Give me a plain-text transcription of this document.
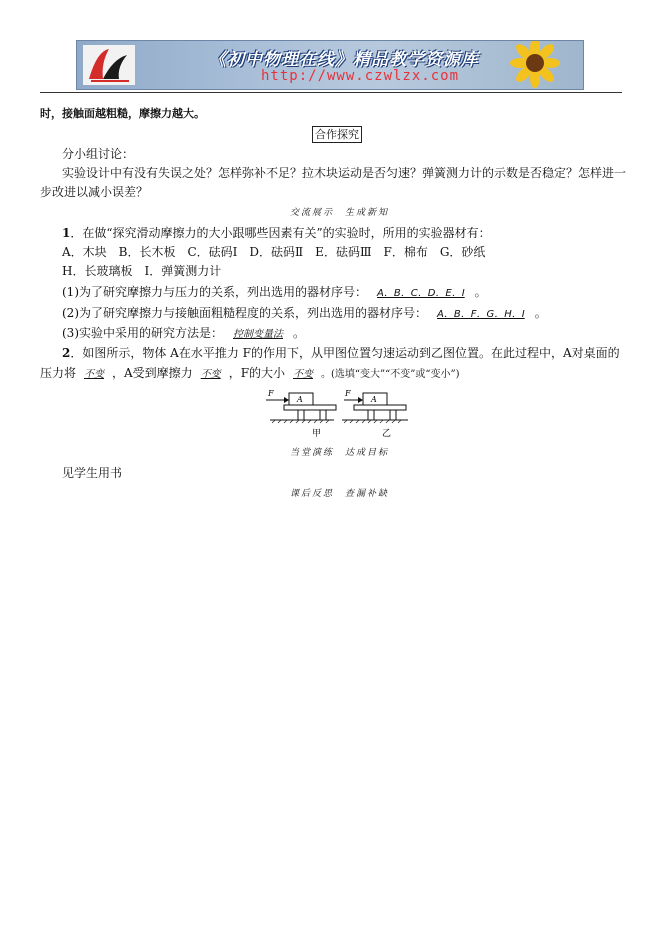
《初中物理在线》精品教学资源库
http://www.czwlzx.com
时，接触面越粗糙，摩擦力越大。
合作探究
分小组讨论：
实验设计中有没有失误之处？怎样弥补不足？拉木块运动是否匀速？弹簧测力计的示数是否稳定？怎样进一
步改进以减小误差？
交流展示　生成新知
1．在做“探究滑动摩擦力的大小跟哪些因素有关”的实验时，所用的实验器材有：
A．木块　B．长木板　C．砝码Ⅰ　D．砝码Ⅱ　E．砝码Ⅲ　F．棉布　G．砂纸
H．长玻璃板　I．弹簧测力计
(1)为了研究摩擦力与压力的关系，列出选用的器材序号： A．B．C．D．E．I 。
(2)为了研究摩擦力与接触面粗糙程度的关系，列出选用的器材序号： A．B．F．G．H．I 。
(3)实验中采用的研究方法是： 控制变量法 。
2．如图所示，物体 A在水平推力 F的作用下，从甲图位置匀速运动到乙图位置。在此过程中，A对桌面的
压力将 不变 ，A受到摩擦力 不变 ，F的大小 不变 。(选填“变大”“不变”或“变小”)
F
A
甲
F
A
乙
当堂演练　达成目标
见学生用书
课后反思　查漏补缺
